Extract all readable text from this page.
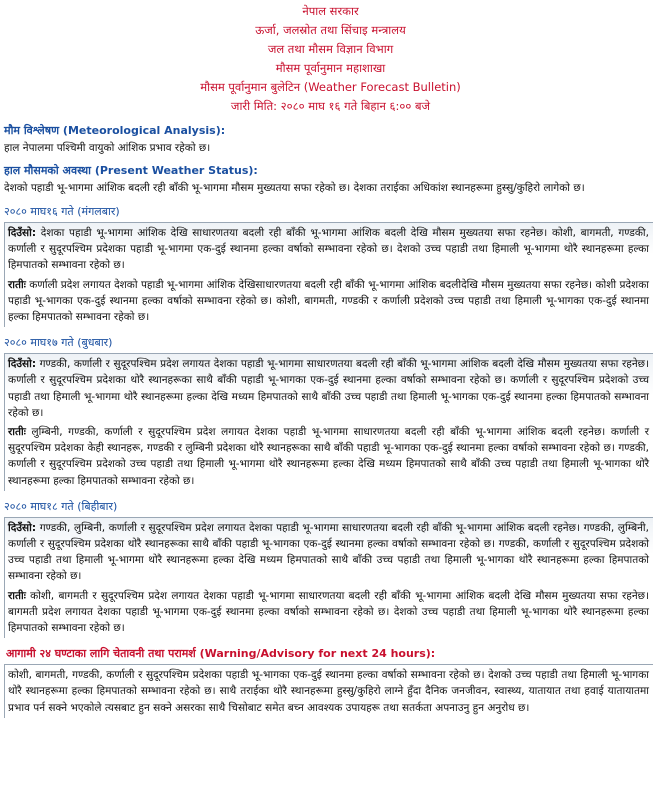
नेपाल सरकार
ऊर्जा, जलस्रोत तथा सिंचाइ मन्त्रालय
जल तथा मौसम विज्ञान विभाग
मौसम पूर्वानुमान महाशाखा
मौसम पूर्वानुमान बुलेटिन (Weather Forecast Bulletin)
जारी मिति: २०८० माघ १६ गते बिहान ६:०० बजे
मौम विश्लेषण (Meteorological Analysis):

हाल नेपालमा पश्चिमी वायुको आंशिक प्रभाव रहेको छ।

हाल मौसमको अवस्था (Present Weather Status):

देशको पहाडी भू-भागमा आंशिक बदली रही बाँकी भू-भागमा मौसम मुख्यतया सफा रहेको छ। देशका तराईका अधिकांश स्थानहरूमा हुस्सु/कुहिरो लागेको छ।

२०८० माघ१६ गते (मंगलबार)

दिउँसो: देशका पहाडी भू-भागमा आंशिक देखि साधारणतया बदली रही बाँकी भू-भागमा आंशिक बदली देखि मौसम मुख्यतया सफा रहनेछ। कोशी, बागमती, गण्डकी, कर्णाली र सुदूरपश्चिम प्रदेशका पहाडी भू-भागमा एक-दुई स्थानमा हल्का वर्षाको सम्भावना रहेको छ। देशको उच्च पहाडी तथा हिमाली भू-भागमा थोरै स्थानहरूमा हल्का हिमपातको सम्भावना रहेको छ।

रातीः कर्णाली प्रदेश लगायत देशको पहाडी भू-भागमा आंशिक देखिसाधारणतया बदली रही बाँकी भू-भागमा आंशिक बदलीदेखि मौसम मुख्यतया सफा रहनेछ। कोशी प्रदेशका पहाडी भू-भागका एक-दुई स्थानमा हल्का वर्षाको सम्भावना रहेको छ। कोशी, बागमती, गण्डकी र कर्णाली प्रदेशको उच्च पहाडी तथा हिमाली भू-भागका एक-दुई स्थानमा हल्का हिमपातको सम्भावना रहेको छ।

२०८० माघ१७ गते (बुधबार)

दिउँसो: गण्डकी, कर्णाली र सुदूरपश्चिम प्रदेश लगायत देशका पहाडी भू-भागमा साधारणतया बदली रही बाँकी भू-भागमा आंशिक बदली देखि मौसम मुख्यतया सफा रहनेछ। कर्णाली र सुदूरपश्चिम प्रदेशका थोरै स्थानहरूका साथै बाँकी पहाडी भू-भागका एक-दुई स्थानमा हल्का वर्षाको सम्भावना रहेको छ। कर्णाली र सुदूरपश्चिम प्रदेशको उच्च पहाडी तथा हिमाली भू-भागमा थोरै स्थानहरूमा हल्का देखि मध्यम हिमपातको साथै बाँकी उच्च पहाडी तथा हिमाली भू-भागका एक-दुई स्थानमा हल्का हिमपातको सम्भावना रहेको छ।

रातीः लुम्बिनी, गण्डकी, कर्णाली र सुदूरपश्चिम प्रदेश लगायत देशका पहाडी भू-भागमा साधारणतया बदली रही बाँकी भू-भागमा आंशिक बदली रहनेछ। कर्णाली र सुदूरपश्चिम प्रदेशका केही स्थानहरू, गण्डकी र लुम्बिनी प्रदेशका थोरै स्थानहरूका साथै बाँकी पहाडी भू-भागका एक-दुई स्थानमा हल्का वर्षाको सम्भावना रहेको छ। गण्डकी, कर्णाली र सुदूरपश्चिम प्रदेशको उच्च पहाडी तथा हिमाली भू-भागमा थोरै स्थानहरूमा हल्का देखि मध्यम हिमपातको साथै बाँकी उच्च पहाडी तथा हिमाली भू-भागका थोरै स्थानहरूमा हल्का हिमपातको सम्भावना रहेको छ।

२०८० माघ१८ गते (बिहीबार)

दिउँसो: गण्डकी, लुम्बिनी, कर्णाली र सुदूरपश्चिम प्रदेश लगायत देशका पहाडी भू-भागमा साधारणतया बदली रही बाँकी भू-भागमा आंशिक बदली रहनेछ। गण्डकी, लुम्बिनी, कर्णाली र सुदूरपश्चिम प्रदेशका थोरै स्थानहरूका साथै बाँकी पहाडी भू-भागका एक-दुई स्थानमा हल्का वर्षाको सम्भावना रहेको छ। गण्डकी, कर्णाली र सुदूरपश्चिम प्रदेशको उच्च पहाडी तथा हिमाली भू-भागमा थोरै स्थानहरूमा हल्का देखि मध्यम हिमपातको साथै बाँकी उच्च पहाडी तथा हिमाली भू-भागका थोरै स्थानहरूमा हल्का हिमपातको सम्भावना रहेको छ।

रातीः कोशी, बागमती र सुदूरपश्चिम प्रदेश लगायत देशका पहाडी भू-भागमा साधारणतया बदली रही बाँकी भू-भागमा आंशिक बदली देखि मौसम मुख्यतया सफा रहनेछ। बागमती प्रदेश लगायत देशका पहाडी भू-भागमा एक-दुई स्थानमा हल्का वर्षाको सम्भावना रहेको छ। देशको उच्च पहाडी तथा हिमाली भू-भागका थोरै स्थानहरूमा हल्का हिमपातको सम्भावना रहेको छ।

आगामी २४ घण्टाका लागि चेतावनी तथा परामर्श (Warning/Advisory for next 24 hours):

कोशी, बागमती, गण्डकी, कर्णाली र सुदूरपश्चिम प्रदेशका पहाडी भू-भागका एक-दुई स्थानमा हल्का वर्षाको सम्भावना रहेको छ। देशको उच्च पहाडी तथा हिमाली भू-भागका थोरै स्थानहरूमा हल्का हिमपातको सम्भावना रहेको छ। साथै तराईका थोरै स्थानहरूमा हुस्सु/कुहिरो लाग्ने हुँदा दैनिक जनजीवन, स्वास्थ्य, यातायात तथा हवाई यातायातमा प्रभाव पर्न सक्ने भएकोले त्यसबाट हुन सक्ने असरका साथै चिसोबाट समेत बच्न आवश्यक उपायहरू तथा सतर्कता अपनाउनु हुन अनुरोध छ।
